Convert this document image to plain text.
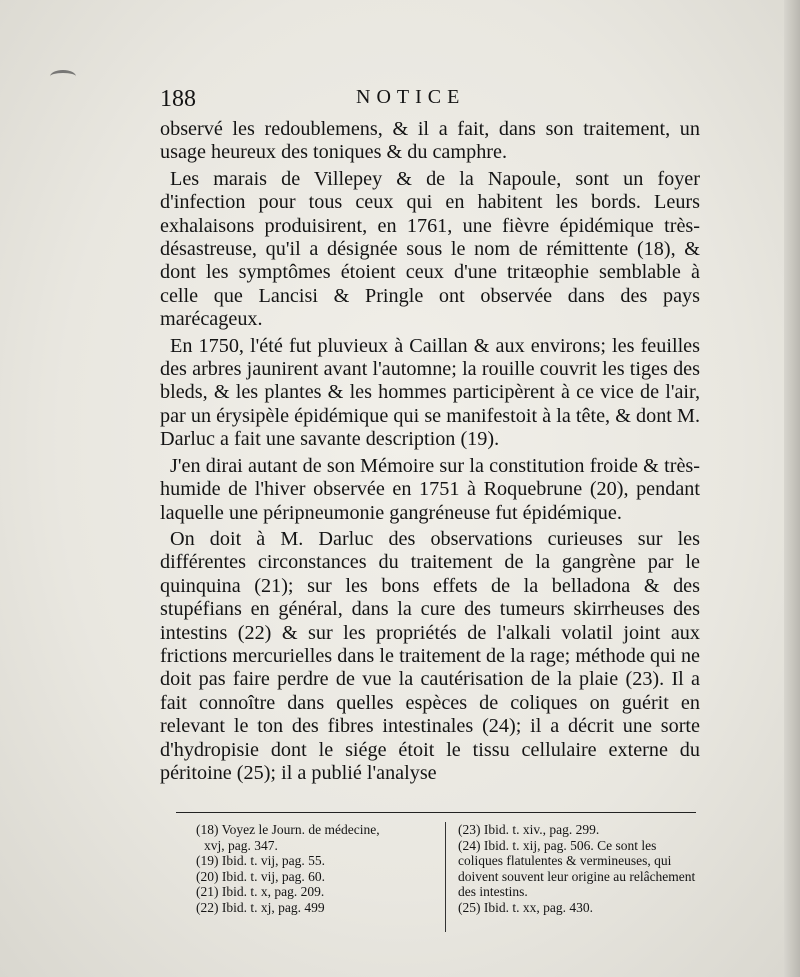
188	NOTICE

observé les redoublemens, & il a fait, dans son traitement, un usage heureux des toniques & du camphre.

Les marais de Villepey & de la Napoule, sont un foyer d'infection pour tous ceux qui en habitent les bords. Leurs exhalaisons produisirent, en 1761, une fièvre épidémique très-désastreuse, qu'il a désignée sous le nom de rémittente (18), & dont les symptômes étoient ceux d'une tritæophie semblable à celle que Lancisi & Pringle ont observée dans des pays marécageux.

En 1750, l'été fut pluvieux à Caillan & aux environs; les feuilles des arbres jaunirent avant l'automne; la rouille couvrit les tiges des bleds, & les plantes & les hommes participèrent à ce vice de l'air, par un érysipèle épidémique qui se manifestoit à la tête, & dont M. Darluc a fait une savante description (19).

J'en dirai autant de son Mémoire sur la constitution froide & très-humide de l'hiver observée en 1751 à Roquebrune (20), pendant laquelle une péripneumonie gangréneuse fut épidémique.

On doit à M. Darluc des observations curieuses sur les différentes circonstances du traitement de la gangrène par le quinquina (21); sur les bons effets de la belladona & des stupéfians en général, dans la cure des tumeurs skirrheuses des intestins (22) & sur les propriétés de l'alkali volatil joint aux frictions mercurielles dans le traitement de la rage; méthode qui ne doit pas faire perdre de vue la cautérisation de la plaie (23). Il a fait connoître dans quelles espèces de coliques on guérit en relevant le ton des fibres intestinales (24); il a décrit une sorte d'hydropisie dont le siége étoit le tissu cellulaire externe du péritoine (25); il a publié l'analyse

(18) Voyez le Journ. de médecine,

xvj, pag. 347.

(19) Ibid. t. vij, pag. 55.

(20) Ibid. t. vij, pag. 60.

(21) Ibid. t. x, pag. 209.

(22) Ibid. t. xj, pag. 499

(23) Ibid. t. xiv., pag. 299.

(24) Ibid. t. xij, pag. 506. Ce sont les coliques flatulentes & vermineuses, qui doivent souvent leur origine au relâchement des intestins.

(25) Ibid. t. xx, pag. 430.
